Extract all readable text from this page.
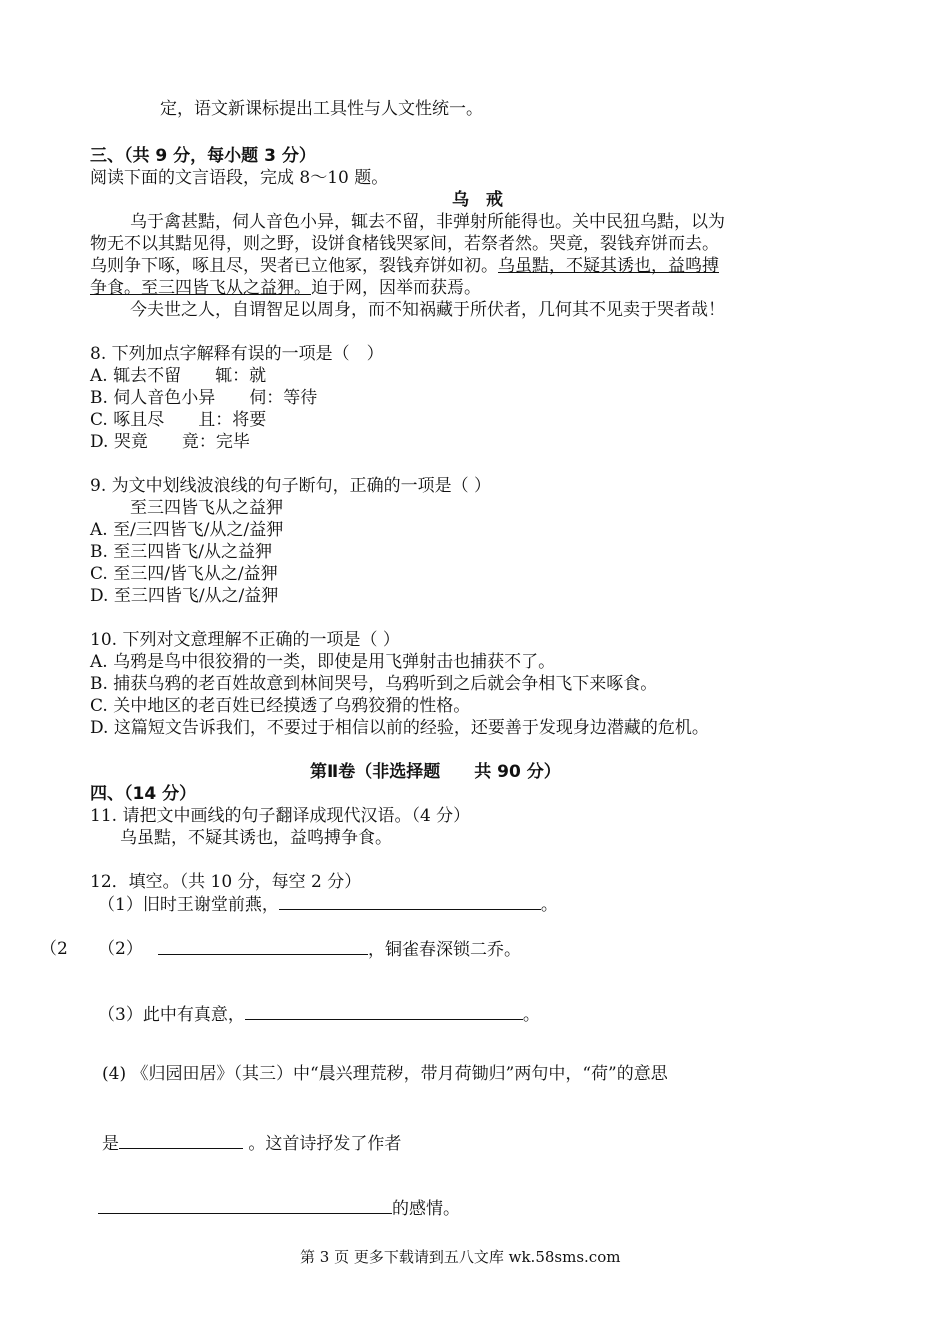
定，语文新课标提出工具性与人文性统一。
三、（共 9 分，每小题 3 分）
阅读下面的文言语段，完成 8～10 题。
乌　戒
乌于禽甚黠，伺人音色小异，辄去不留，非弹射所能得也。关中民狃乌黠，以为
物无不以其黠见得，则之野，设饼食楮钱哭冢间，若祭者然。哭竟，裂钱弃饼而去。
乌则争下啄，啄且尽，哭者已立他冢，裂钱弃饼如初。乌虽黠，不疑其诱也，益鸣搏
争食。至三四皆飞从之益狎。迫于网，因举而获焉。
今夫世之人，自谓智足以周身，而不知祸藏于所伏者，几何其不见卖于哭者哉！
8. 下列加点字解释有误的一项是（　）
A. 辄去不留　　辄：就
B. 伺人音色小异　　伺：等待
C. 啄且尽　　且：将要
D. 哭竟　　竟：完毕
9. 为文中划线波浪线的句子断句，正确的一项是（ ）
至三四皆飞从之益狎
A. 至/三四皆飞/从之/益狎
B. 至三四皆飞/从之益狎
C. 至三四/皆飞从之/益狎
D. 至三四皆飞/从之/益狎
10. 下列对文意理解不正确的一项是（ ）
A. 乌鸦是鸟中很狡猾的一类，即使是用飞弹射击也捕获不了。
B. 捕获乌鸦的老百姓故意到林间哭号，乌鸦听到之后就会争相飞下来啄食。
C. 关中地区的老百姓已经摸透了乌鸦狡猾的性格。
D. 这篇短文告诉我们，不要过于相信以前的经验，还要善于发现身边潜藏的危机。
第Ⅱ卷（非选择题　　共 90 分）
四、（14 分）
11. 请把文中画线的句子翻译成现代汉语。（4 分）
乌虽黠，不疑其诱也，益鸣搏争食。
12．填空。（共 10 分，每空 2 分）
（1）旧时王谢堂前燕，	。
（2 （2）	，铜雀春深锁二乔。
（3）此中有真意，	。
(4) 《归园田居》（其三）中“晨兴理荒秽，带月荷锄归”两句中，“荷”的意思
是	。这首诗抒发了作者
的感情。
第 3 页 更多下载请到五八文库 wk.58sms.com
